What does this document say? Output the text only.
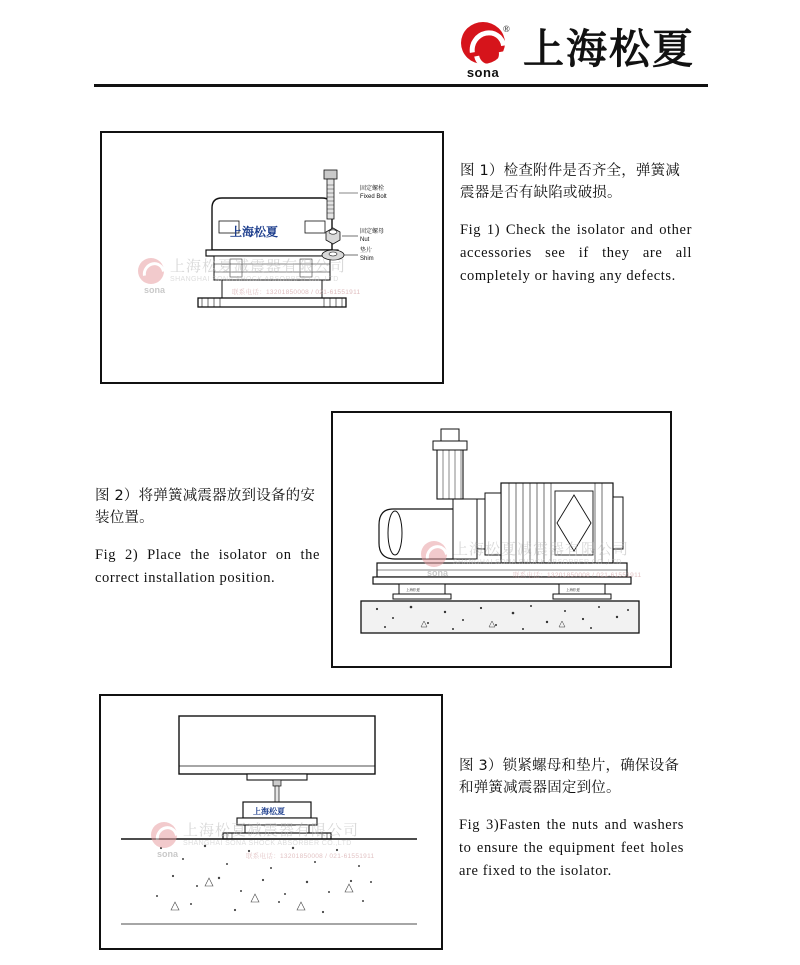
sona
® 上海松夏
上海松夏
固定螺栓
Fixed Bolt
固定螺母
Nut
垫片
Shim
上海松夏减震器有限公司
SHANGHAI SONA SHOCK ABSORBER CO.,LTD
sona	联系电话：13201850008 / 021-61551911
图 1）检查附件是否齐全，弹簧减震器是否有缺陷或破损。
Fig 1) Check the isolator and other accessories see if they are all completely or having any defects.
上海松夏	上海松夏
上海松夏减震器有限公司
SHANGHAI SONA SHOCK ABSORBER CO.,LTD
sona	联系电话：13201850008 / 021-61551911
图 2）将弹簧减震器放到设备的安装位置。
Fig 2) Place the isolator on the correct installation position.
上海松夏
上海松夏减震器有限公司
SHANGHAI SONA SHOCK ABSORBER CO.,LTD
sona	联系电话：13201850008 / 021-61551911
图 3）锁紧螺母和垫片，确保设备和弹簧减震器固定到位。
Fig 3)Fasten the nuts and washers to ensure the equipment feet holes are fixed to the isolator.
